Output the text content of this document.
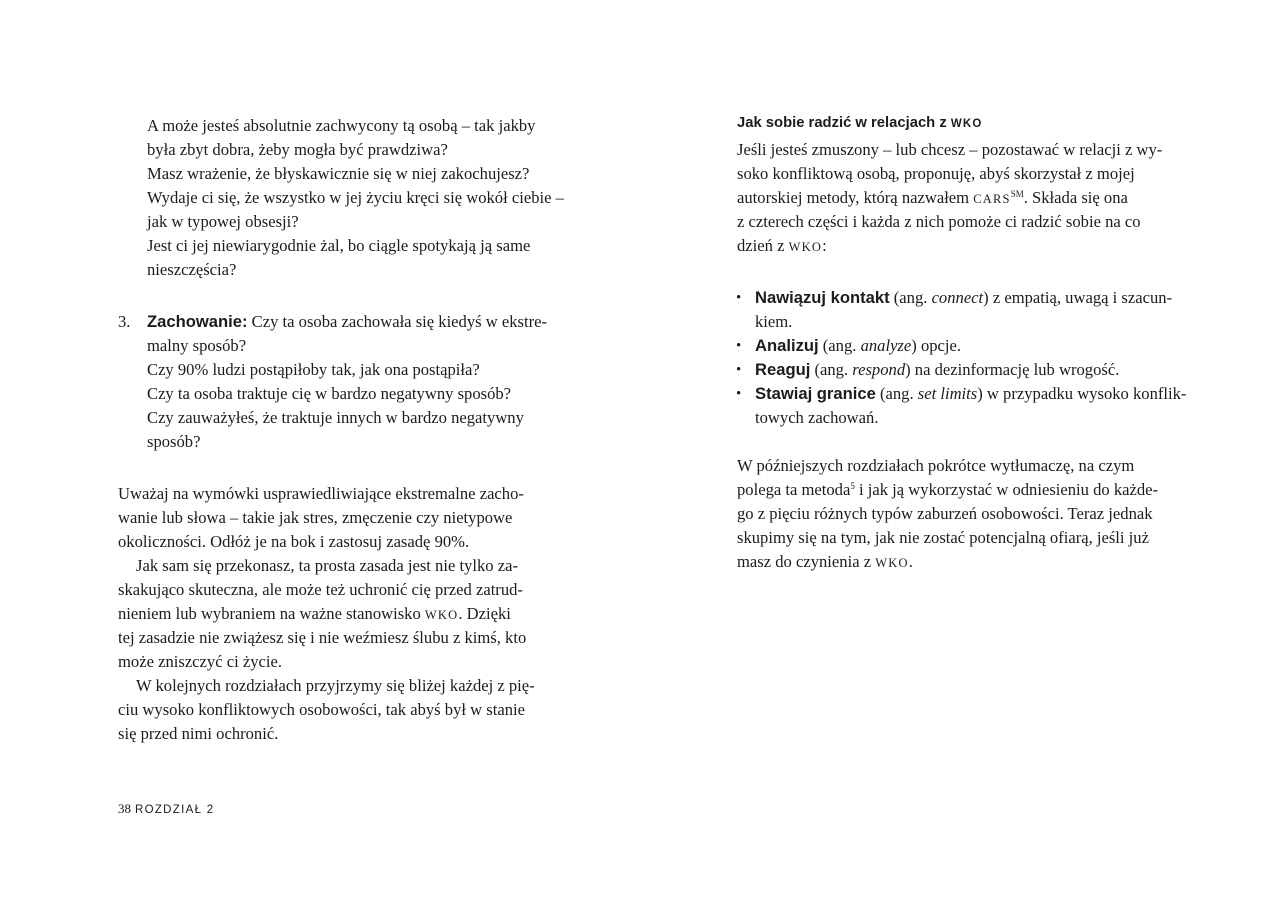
A może jesteś absolutnie zachwycony tą osobą – tak jakby
była zbyt dobra, żeby mogła być prawdziwa?
Masz wrażenie, że błyskawicznie się w niej zakochujesz?
Wydaje ci się, że wszystko w jej życiu kręci się wokół ciebie –
jak w typowej obsesji?
Jest ci jej niewiarygodnie żal, bo ciągle spotykają ją same
nieszczęścia?
3. Zachowanie: Czy ta osoba zachowała się kiedyś w ekstre-
malny sposób?
Czy 90% ludzi postąpiłoby tak, jak ona postąpiła?
Czy ta osoba traktuje cię w bardzo negatywny sposób?
Czy zauważyłeś, że traktuje innych w bardzo negatywny
sposób?
Uważaj na wymówki usprawiedliwiające ekstremalne zacho-
wanie lub słowa – takie jak stres, zmęczenie czy nietypowe
okoliczności. Odłóż je na bok i zastosuj zasadę 90%.
Jak sam się przekonasz, ta prosta zasada jest nie tylko za-
skakująco skuteczna, ale może też uchronić cię przed zatrud-
nieniem lub wybraniem na ważne stanowisko WKO. Dzięki
tej zasadzie nie zwiążesz się i nie weźmiesz ślubu z kimś, kto
może zniszczyć ci życie.
W kolejnych rozdziałach przyjrzymy się bliżej każdej z pię-
ciu wysoko konfliktowych osobowości, tak abyś był w stanie
się przed nimi ochronić.
38 ROZDZIAŁ 2
Jak sobie radzić w relacjach z WKO
Jeśli jesteś zmuszony – lub chcesz – pozostawać w relacji z wy-
soko konfliktową osobą, proponuję, abyś skorzystał z mojej
autorskiej metody, którą nazwałem CARS℠. Składa się ona
z czterech części i każda z nich pomoże ci radzić sobie na co
dzień z WKO:
• Nawiązuj kontakt (ang. connect) z empatią, uwagą i szacun-
kiem.
• Analizuj (ang. analyze) opcje.
• Reaguj (ang. respond) na dezinformację lub wrogość.
• Stawiaj granice (ang. set limits) w przypadku wysoko konflik-
towych zachowań.
W późniejszych rozdziałach pokrótce wytłumaczę, na czym
polega ta metoda$^5$ i jak ją wykorzystać w odniesieniu do każde-
go z pięciu różnych typów zaburzeń osobowości. Teraz jednak
skupimy się na tym, jak nie zostać potencjalną ofiarą, jeśli już
masz do czynienia z WKO.
